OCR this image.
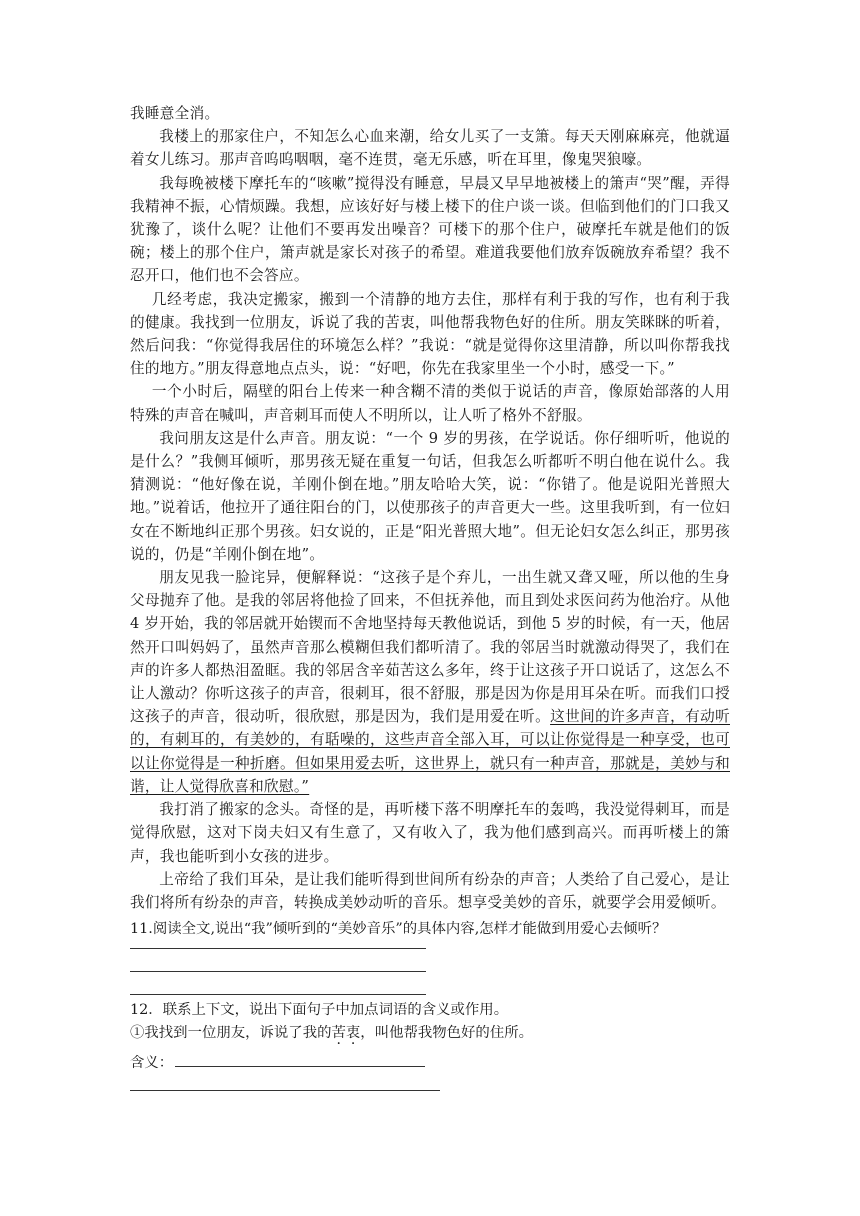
我睡意全消。

我楼上的那家住户，不知怎么心血来潮，给女儿买了一支箫。每天天刚麻麻亮，他就逼着女儿练习。那声音呜呜咽咽，毫不连贯，毫无乐感，听在耳里，像鬼哭狼嚎。

我每晚被楼下摩托车的“咳嗽”搅得没有睡意，早晨又早早地被楼上的箫声“哭”醒，弄得我精神不振，心情烦躁。我想，应该好好与楼上楼下的住户谈一谈。但临到他们的门口我又犹豫了，谈什么呢？让他们不要再发出噪音？可楼下的那个住户，破摩托车就是他们的饭碗；楼上的那个住户，箫声就是家长对孩子的希望。难道我要他们放弃饭碗放弃希望？我不忍开口，他们也不会答应。

几经考虑，我决定搬家，搬到一个清静的地方去住，那样有利于我的写作，也有利于我的健康。我找到一位朋友，诉说了我的苦衷，叫他帮我物色好的住所。朋友笑眯眯的听着，然后问我：“你觉得我居住的环境怎么样？”我说：“就是觉得你这里清静，所以叫你帮我找住的地方。”朋友得意地点点头，说：“好吧，你先在我家里坐一个小时，感受一下。”

一个小时后，隔壁的阳台上传来一种含糊不清的类似于说话的声音，像原始部落的人用特殊的声音在喊叫，声音刺耳而使人不明所以，让人听了格外不舒服。

我问朋友这是什么声音。朋友说：“一个 9 岁的男孩，在学说话。你仔细听听，他说的是什么？”我侧耳倾听，那男孩无疑在重复一句话，但我怎么听都听不明白他在说什么。我猜测说：“他好像在说，羊刚仆倒在地。”朋友哈哈大笑，说：“你错了。他是说阳光普照大地。”说着话，他拉开了通往阳台的门，以使那孩子的声音更大一些。这里我听到，有一位妇女在不断地纠正那个男孩。妇女说的，正是“阳光普照大地”。但无论妇女怎么纠正，那男孩说的，仍是“羊刚仆倒在地”。

朋友见我一脸诧异，便解释说：“这孩子是个弃儿，一出生就又聋又哑，所以他的生身父母抛弃了他。是我的邻居将他捡了回来，不但抚养他，而且到处求医问药为他治疗。从他 4 岁开始，我的邻居就开始锲而不舍地坚持每天教他说话，到他 5 岁的时候，有一天，他居然开口叫妈妈了，虽然声音那么模糊但我们都听清了。我的邻居当时就激动得哭了，我们在声的许多人都热泪盈眶。我的邻居含辛茹苦这么多年，终于让这孩子开口说话了，这怎么不让人激动？你听这孩子的声音，很刺耳，很不舒服，那是因为你是用耳朵在听。而我们口授这孩子的声音，很动听，很欣慰，那是因为，我们是用爱在听。这世间的许多声音，有动听的，有刺耳的，有美妙的，有聒噪的，这些声音全部入耳，可以让你觉得是一种享受，也可以让你觉得是一种折磨。但如果用爱去听，这世界上，就只有一种声音，那就是，美妙与和谐，让人觉得欣喜和欣慰。”

我打消了搬家的念头。奇怪的是，再听楼下落不明摩托车的轰鸣，我没觉得刺耳，而是觉得欣慰，这对下岗夫妇又有生意了，又有收入了，我为他们感到高兴。而再听楼上的箫声，我也能听到小女孩的进步。

上帝给了我们耳朵，是让我们能听得到世间所有纷杂的声音；人类给了自己爱心，是让我们将所有纷杂的声音，转换成美妙动听的音乐。想享受美妙的音乐，就要学会用爱倾听。

11.阅读全文,说出“我”倾听到的“美妙音乐”的具体内容,怎样才能做到用爱心去倾听？

12．联系上下文，说出下面句子中加点词语的含义或作用。

①我找到一位朋友，诉说了我的苦衷，叫他帮我物色好的住所。

含义：
